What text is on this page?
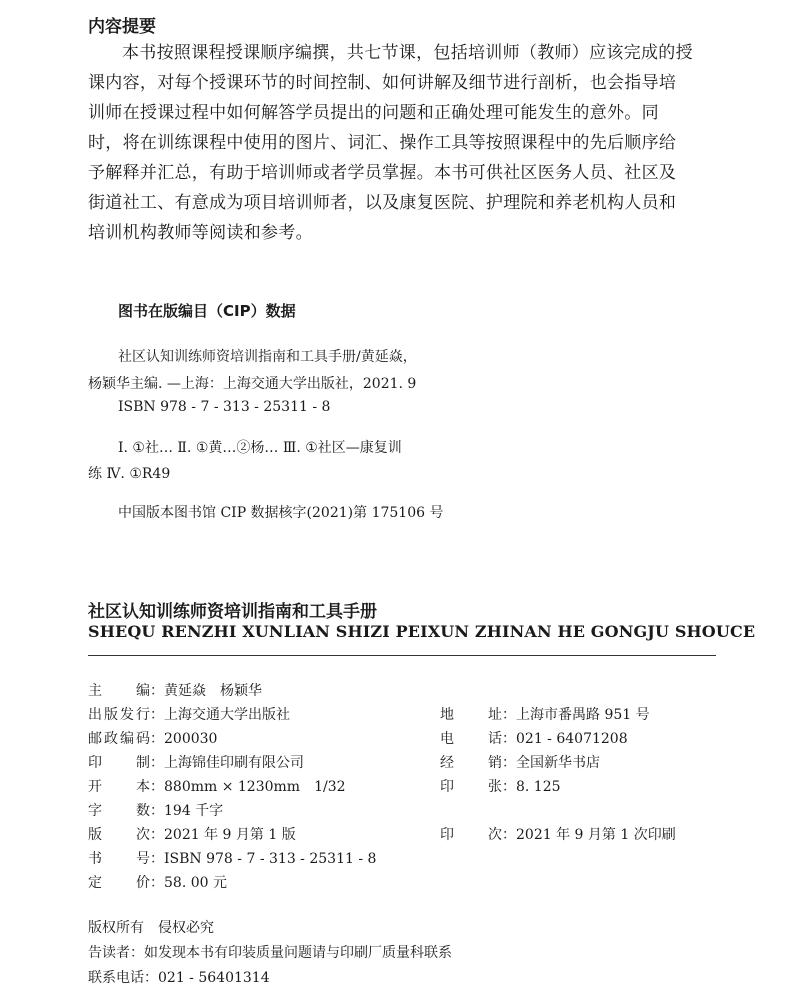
内容提要
本书按照课程授课顺序编撰，共七节课，包括培训师（教师）应该完成的授
课内容，对每个授课环节的时间控制、如何讲解及细节进行剖析，也会指导培
训师在授课过程中如何解答学员提出的问题和正确处理可能发生的意外。同
时，将在训练课程中使用的图片、词汇、操作工具等按照课程中的先后顺序给
予解释并汇总，有助于培训师或者学员掌握。本书可供社区医务人员、社区及
街道社工、有意成为项目培训师者，以及康复医院、护理院和养老机构人员和
培训机构教师等阅读和参考。
图书在版编目（CIP）数据
社区认知训练师资培训指南和工具手册/黄延焱，
杨颖华主编. —上海：上海交通大学出版社，2021. 9
ISBN 978 - 7 - 313 - 25311 - 8
Ⅰ. ①社… Ⅱ. ①黄…②杨… Ⅲ. ①社区—康复训
练 Ⅳ. ①R49
中国版本图书馆 CIP 数据核字(2021)第 175106 号
社区认知训练师资培训指南和工具手册
SHEQU RENZHI XUNLIAN SHIZI PEIXUN ZHINAN HE GONGJU SHOUCE
主编：黄延焱　杨颖华
出版发行：上海交通大学出版社	地址：上海市番禺路 951 号
邮政编码：200030	电话：021 - 64071208
印制：上海锦佳印刷有限公司	经销：全国新华书店
开本：880mm × 1230mm　1/32	印张：8. 125
字数：194 千字
版次：2021 年 9 月第 1 版	印次：2021 年 9 月第 1 次印刷
书号：ISBN 978 - 7 - 313 - 25311 - 8
定价：58. 00 元
版权所有　侵权必究
告读者：如发现本书有印装质量问题请与印刷厂质量科联系
联系电话：021 - 56401314
